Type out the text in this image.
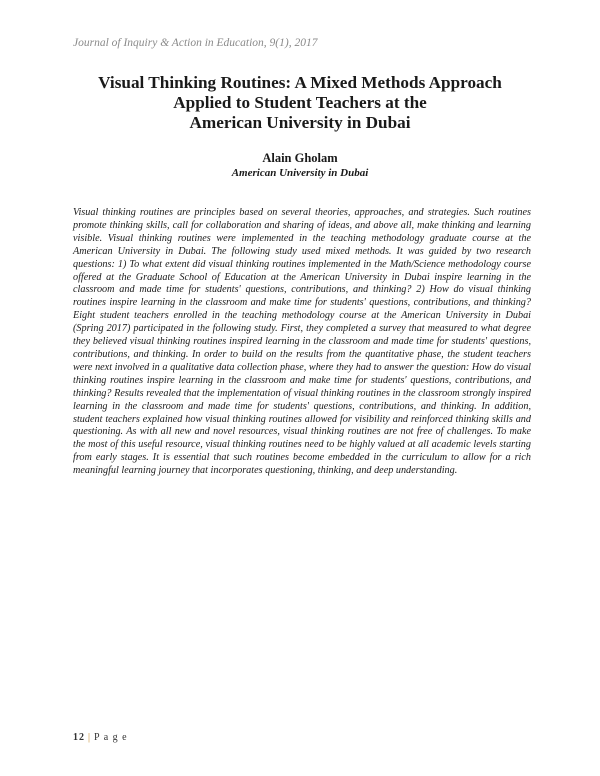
Journal of Inquiry & Action in Education, 9(1), 2017
Visual Thinking Routines: A Mixed Methods Approach
Applied to Student Teachers at the
American University in Dubai
Alain Gholam
American University in Dubai

Visual thinking routines are principles based on several theories, approaches, and strategies. Such routines promote thinking skills, call for collaboration and sharing of ideas, and above all, make thinking and learning visible. Visual thinking routines were implemented in the teaching methodology graduate course at the American University in Dubai. The following study used mixed methods. It was guided by two research questions: 1) To what extent did visual thinking routines implemented in the Math/Science methodology course offered at the Graduate School of Education at the American University in Dubai inspire learning in the classroom and made time for students' questions, contributions, and thinking? 2) How do visual thinking routines inspire learning in the classroom and make time for students' questions, contributions, and thinking? Eight student teachers enrolled in the teaching methodology course at the American University in Dubai (Spring 2017) participated in the following study. First, they completed a survey that measured to what degree they believed visual thinking routines inspired learning in the classroom and made time for students' questions, contributions, and thinking. In order to build on the results from the quantitative phase, the student teachers were next involved in a qualitative data collection phase, where they had to answer the question: How do visual thinking routines inspire learning in the classroom and make time for students' questions, contributions, and thinking? Results revealed that the implementation of visual thinking routines in the classroom strongly inspired learning in the classroom and made time for students' questions, contributions, and thinking. In addition, student teachers explained how visual thinking routines allowed for visibility and reinforced thinking skills and questioning. As with all new and novel resources, visual thinking routines are not free of challenges. To make the most of this useful resource, visual thinking routines need to be highly valued at all academic levels starting from early stages. It is essential that such routines become embedded in the curriculum to allow for a rich meaningful learning journey that incorporates questioning, thinking, and deep understanding.

12 | P a g e
